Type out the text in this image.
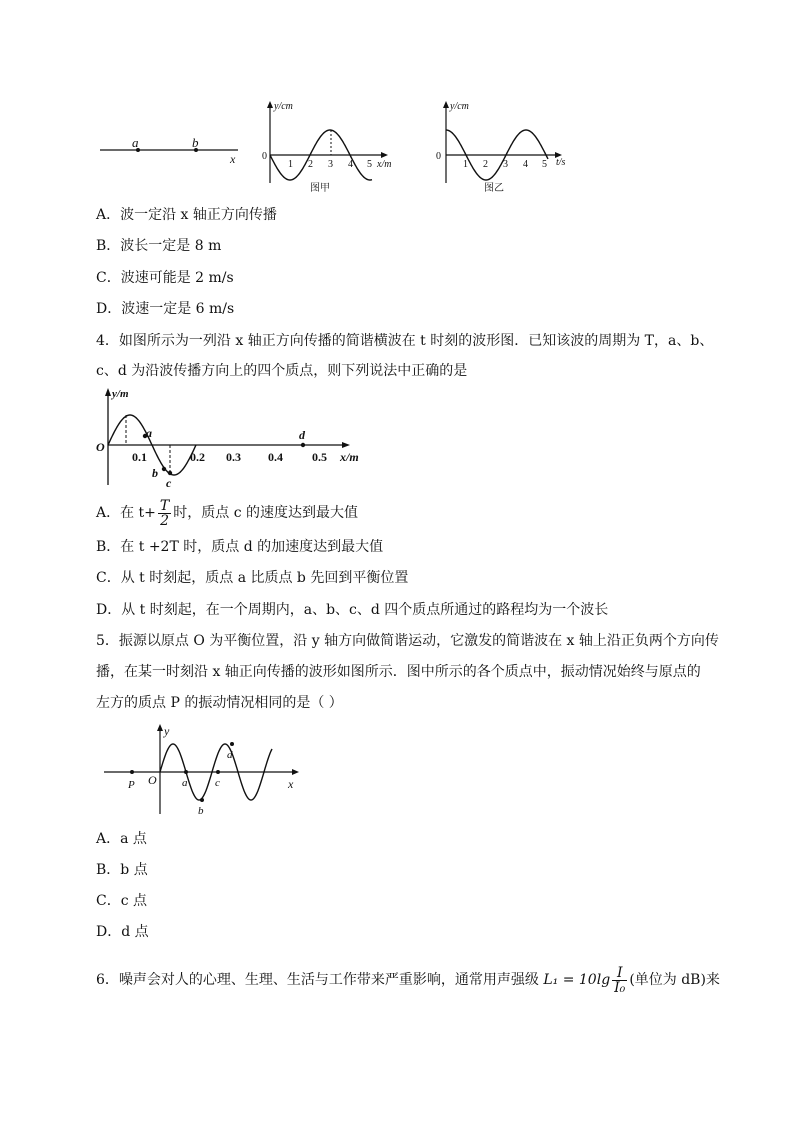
a	b
x
y/cm
0
1 2 3 4 5 x/m
图甲
y/cm
0
1 2 3 4 5 t/s
图乙
A．波一定沿 x 轴正方向传播
B．波长一定是 8 m
C．波速可能是 2 m/s
D．波速一定是 6 m/s
4．如图所示为一列沿 x 轴正方向传播的简谐横波在 t 时刻的波形图．已知该波的周期为 T，a、b、
c、d 为沿波传播方向上的四个质点，则下列说法中正确的是
y/m
O
a
b
c
d
0.1	0.2 0.3 0.4 0.5 x/m
A．在 $t+ \frac{T}{2}$ 时，质点 c 的速度达到最大值
B．在 t +2T 时，质点 d 的加速度达到最大值
C．从 t 时刻起，质点 a 比质点 b 先回到平衡位置
D．从 t 时刻起，在一个周期内，a、b、c、d 四个质点所通过的路程均为一个波长
5．振源以原点 O 为平衡位置，沿 y 轴方向做简谐运动，它激发的简谐波在 x 轴上沿正负两个方向传
播，在某一时刻沿 x 轴正向传播的波形如图所示．图中所示的各个质点中，振动情况始终与原点的
左方的质点 P 的振动情况相同的是（ ）
y
x
O
P	a
b
c
d
A．a 点
B．b 点
C．c 点
D．d 点
6．噪声会对人的心理、生理、生活与工作带来严重影响，通常用声强级 $L_1 = 10\lg \frac{I}{\text{I₀}}$ (单位为 dB)来
